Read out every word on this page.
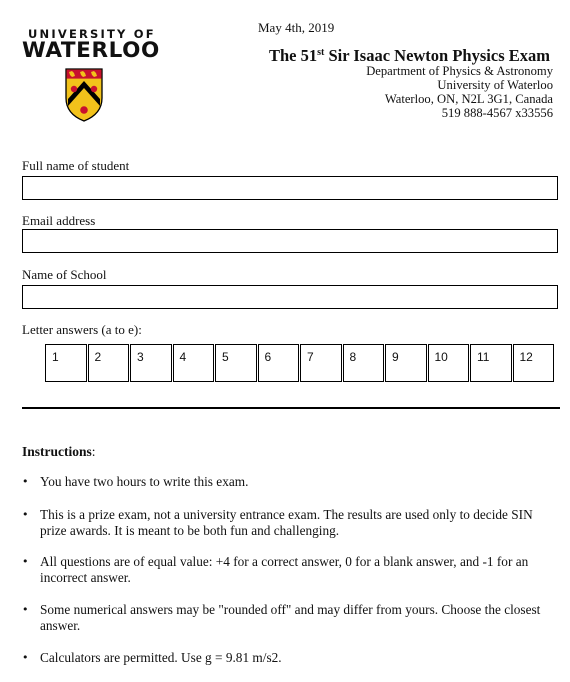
UNIVERSITY OF
WATERLOO
May 4th, 2019
The 51st Sir Isaac Newton Physics Exam
Department of Physics & Astronomy
University of Waterloo
Waterloo, ON, N2L 3G1, Canada
519 888-4567 x33556
Full name of student
Email address
Name of School
Letter answers (a to e):
1	2	3	4	5	6	7	8	9	10	11	12
Instructions:
• You have two hours to write this exam.
• This is a prize exam, not a university entrance exam. The results are used only to decide SIN prize awards. It is meant to be both fun and challenging.
• All questions are of equal value: +4 for a correct answer, 0 for a blank answer, and -1 for an incorrect answer.
• Some numerical answers may be "rounded off" and may differ from yours. Choose the closest answer.
• Calculators are permitted. Use g = 9.81 m/s2.
